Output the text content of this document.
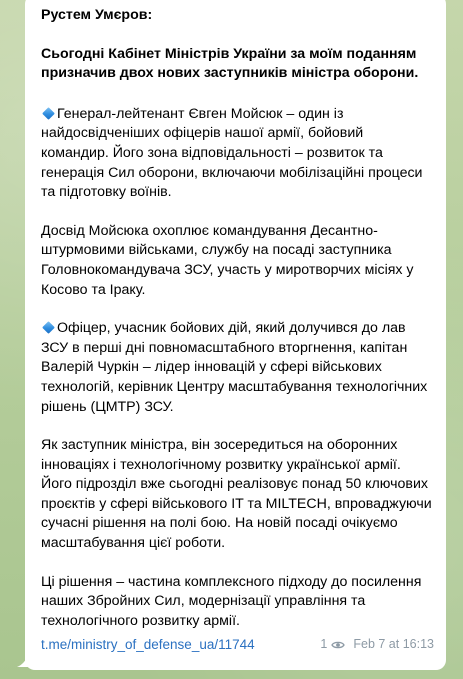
Рустем Умєров:
Сьогодні Кабінет Міністрів України за моїм поданням призначив двох нових заступників міністра оборони.
Генерал-лейтенант Євген Мойсюк – один із найдосвідченіших офіцерів нашої армії, бойовий командир. Його зона відповідальності – розвиток та генерація Сил оборони, включаючи мобілізаційні процеси та підготовку воїнів.
Досвід Мойсюка охоплює командування Десантно-штурмовими військами, службу на посаді заступника Головнокомандувача ЗСУ, участь у миротворчих місіях у Косово та Іраку.
Офіцер, учасник бойових дій, який долучився до лав ЗСУ в перші дні повномасштабного вторгнення, капітан Валерій Чуркін – лідер інновацій у сфері військових технологій, керівник Центру масштабування технологічних рішень (ЦМТР) ЗСУ.
Як заступник міністра, він зосередиться на оборонних інноваціях і технологічному розвитку української армії. Його підрозділ вже сьогодні реалізовує понад 50 ключових проєктів у сфері військового IT та MILTECH, впроваджуючи сучасні рішення на полі бою. На новій посаді очікуємо масштабування цієї роботи.
Ці рішення – частина комплексного підходу до посилення наших Збройних Сил, модернізації управління та технологічного розвитку армії.
t.me/ministry_of_defense_ua/11744	1 Feb 7 at 16:13
